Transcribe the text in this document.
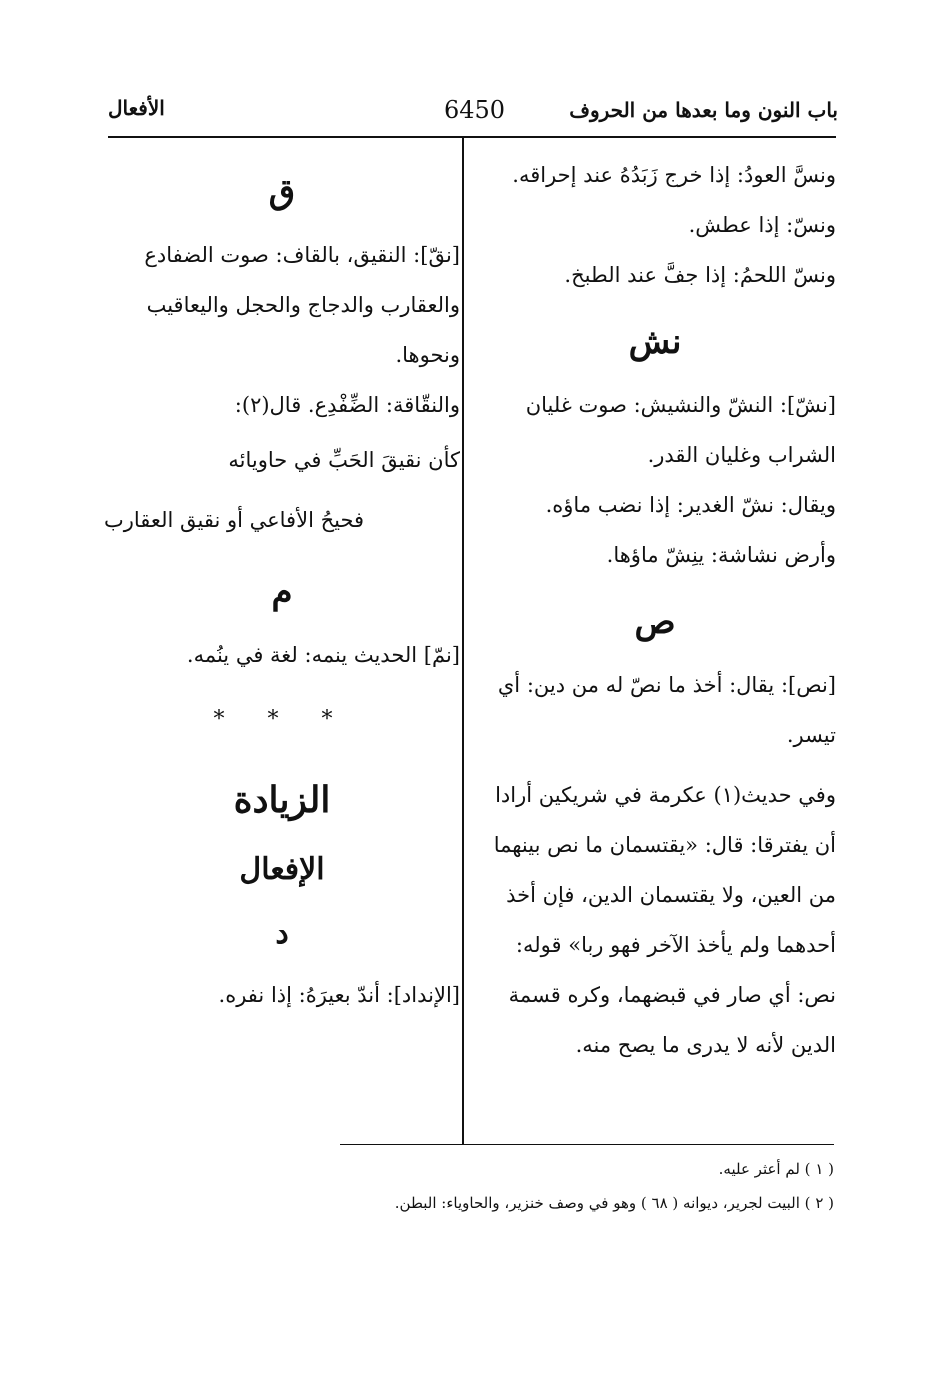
باب النون وما بعدها من الحروف
6450
الأفعال

ونسَّ العودُ: إذا خرج زَبَدُهُ عند إحراقه.

ونسّ: إذا عطش.

ونسّ اللحمُ: إذا جفَّ عند الطبخ.

نش

[نشّ]: النشّ والنشيش: صوت غليان الشراب وغليان القدر.

ويقال: نشّ الغدير: إذا نضب ماؤه.

وأرض نشاشة: ينِشّ ماؤها.

ص

[نص]: يقال: أخذ ما نصّ له من دين: أي تيسر.

وفي حديث(١) عكرمة في شريكين أرادا أن يفترقا: قال: «يقتسمان ما نص بينهما من العين، ولا يقتسمان الدين، فإن أخذ أحدهما ولم يأخذ الآخر فهو ربا» قوله: نص: أي صار في قبضهما، وكره قسمة الدين لأنه لا يدرى ما يصح منه.

ق

[نقّ]: النقيق، بالقاف: صوت الضفادع والعقارب والدجاج والحجل واليعاقيب ونحوها.

والنقّاقة: الضِّفْدِع. قال(٢):

كأن نقيقَ الحَبِّ في حاويائه

فحيحُ الأفاعي أو نقيق العقارب

م

[نمّ] الحديث ينمه: لغة في ينُمه.

* * *
الزيادة
الإفعال
د

[الإنداد]: أندّ بعيرَهُ: إذا نفره.

( ١ ) لم أعثر عليه.

( ٢ ) البيت لجرير، ديوانه ( ٦٨ ) وهو في وصف خنزير، والحاوياء: البطن.
